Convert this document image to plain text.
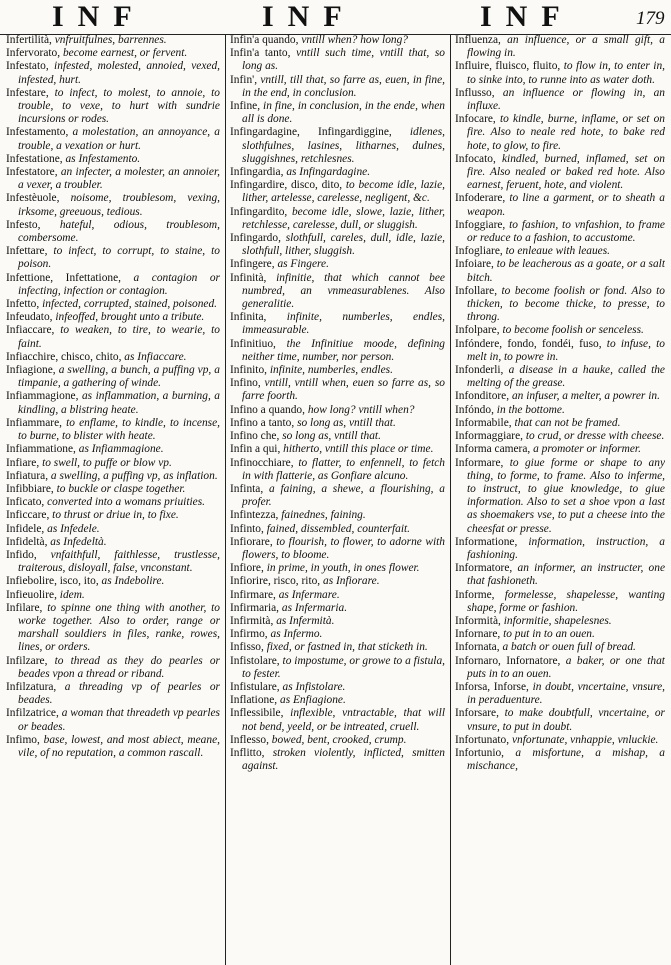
INF	INF	INF	179

Infertilità, vnfruitfulnes, barrennes.

Infervorato, become earnest, or fervent.

Infestato, infested, molested, annoied, vexed, infested, hurt.

Infestare, to infect, to molest, to annoie, to trouble, to vexe, to hurt with sundrie incursions or rodes.

Infestamento, a molestation, an annoyance, a trouble, a vexation or hurt.

Infestatione, as Infestamento.

Infestatore, an infecter, a molester, an annoier, a vexer, a troubler.

Infestèuole, noisome, troublesom, vexing, irksome, greeuous, tedious.

Infesto, hateful, odious, troublesom, combersome.

Infettare, to infect, to corrupt, to staine, to poison.

Infettione, Infettatione, a contagion or infecting, infection or contagion.

Infetto, infected, corrupted, stained, poisoned.

Infeudato, infeoffed, brought unto a tribute.

Infiaccare, to weaken, to tire, to wearie, to faint.

Infiacchire, chisco, chito, as Infiaccare.

Infiagione, a swelling, a bunch, a puffing vp, a timpanie, a gathering of winde.

Infiammagione, as inflammation, a burning, a kindling, a blistring heate.

Infiammare, to enflame, to kindle, to incense, to burne, to blister with heate.

Infiammatione, as Infiammagione.

Infiare, to swell, to puffe or blow vp.

Infiatura, a swelling, a puffing vp, as inflation.

Infibbiare, to buckle or claspe together.

Inficato, converted into a womans priuities.

Inficcare, to thrust or driue in, to fixe.

Infidele, as Infedele.

Infideltà, as Infedeltà.

Infido, vnfaithfull, faithlesse, trustlesse, traiterous, disloyall, false, vnconstant.

Infiebolire, isco, ito, as Indebolire.

Infieuolire, idem.

Infilare, to spinne one thing with another, to worke together. Also to order, range or marshall souldiers in files, ranke, rowes, lines, or orders.

Infilzare, to thread as they do pearles or beades vpon a thread or riband.

Infilzatura, a threading vp of pearles or beades.

Infilzatrice, a woman that threadeth vp pearles or beades.

Infimo, base, lowest, and most abiect, meane, vile, of no reputation, a common rascall.

Infin'a quando, vntill when? how long?

Infin'a tanto, vntill such time, vntill that, so long as.

Infin', vntill, till that, so farre as, euen, in fine, in the end, in conclusion.

Infine, in fine, in conclusion, in the ende, when all is done.

Infingardagine, Infingardiggine, idlenes, slothfulnes, lasines, litharnes, dulnes, sluggishnes, retchlesnes.

Infingardia, as Infingardagine.

Infingardire, disco, dito, to become idle, lazie, lither, artelesse, carelesse, negligent, &c.

Infingardito, become idle, slowe, lazie, lither, retchlesse, carelesse, dull, or sluggish.

Infingardo, slothfull, careles, dull, idle, lazie, slothfull, lither, sluggish.

Infingere, as Fingere.

Infinità, infinitie, that which cannot bee numbred, an vnmeasurablenes. Also generalitie.

Infinita, infinite, numberles, endles, immeasurable.

Infinitiuo, the Infinitiue moode, defining neither time, number, nor person.

Infinito, infinite, numberles, endles.

Infino, vntill, vntill when, euen so farre as, so farre foorth.

Infino a quando, how long? vntill when?

Infino a tanto, so long as, vntill that.

Infino che, so long as, vntill that.

Infin a qui, hitherto, vntill this place or time.

Infinocchiare, to flatter, to enfennell, to fetch in with flatterie, as Gonfiare alcuno.

Infinta, a faining, a shewe, a flourishing, a profer.

Infintezza, fainednes, faining.

Infinto, fained, dissembled, counterfait.

Infiorare, to flourish, to flower, to adorne with flowers, to bloome.

Infiore, in prime, in youth, in ones flower.

Infiorire, risco, rito, as Infiorare.

Infirmare, as Infermare.

Infirmaria, as Infermaria.

Infirmità, as Infermità.

Infirmo, as Infermo.

Infisso, fixed, or fastned in, that sticketh in.

Infistolare, to impostume, or growe to a fistula, to fester.

Infistulare, as Infistolare.

Inflatione, as Enfiagione.

Inflessibile, inflexible, vntractable, that will not bend, yeeld, or be intreated, cruell.

Inflesso, bowed, bent, crooked, crump.

Inflitto, stroken violently, inflicted, smitten against.

Influenza, an influence, or a small gift, a flowing in.

Influire, fluisco, fluito, to flow in, to enter in, to sinke into, to runne into as water doth.

Influsso, an influence or flowing in, an influxe.

Infocare, to kindle, burne, inflame, or set on fire. Also to neale red hote, to bake red hote, to glow, to fire.

Infocato, kindled, burned, inflamed, set on fire. Also nealed or baked red hote. Also earnest, feruent, hote, and violent.

Infoderare, to line a garment, or to sheath a weapon.

Infoggiare, to fashion, to vnfashion, to frame or reduce to a fashion, to accustome.

Infogliare, to enleaue with leaues.

Infoiare, to be leacherous as a goate, or a salt bitch.

Infollare, to become foolish or fond. Also to thicken, to become thicke, to presse, to throng.

Infolpare, to become foolish or senceless.

Infóndere, fondo, fondéi, fuso, to infuse, to melt in, to powre in.

Infonderli, a disease in a hauke, called the melting of the grease.

Infonditore, an infuser, a melter, a powrer in.

Infóndo, in the bottome.

Informabile, that can not be framed.

Informaggiare, to crud, or dresse with cheese.

Informa camera, a promoter or informer.

Informare, to giue forme or shape to any thing, to forme, to frame. Also to inferme, to instruct, to giue knowledge, to giue information. Also to set a shoe vpon a last as shoemakers vse, to put a cheese into the cheesfat or presse.

Informatione, information, instruction, a fashioning.

Informatore, an informer, an instructer, one that fashioneth.

Informe, formelesse, shapelesse, wanting shape, forme or fashion.

Informità, informitie, shapelesnes.

Infornare, to put in to an ouen.

Infornata, a batch or ouen full of bread.

Infornaro, Infornatore, a baker, or one that puts in to an ouen.

Inforsa, Inforse, in doubt, vncertaine, vnsure, in peraduenture.

Inforsare, to make doubtfull, vncertaine, or vnsure, to put in doubt.

Infortunato, vnfortunate, vnhappie, vnluckie.

Infortunio, a misfortune, a mishap, a mischance,
